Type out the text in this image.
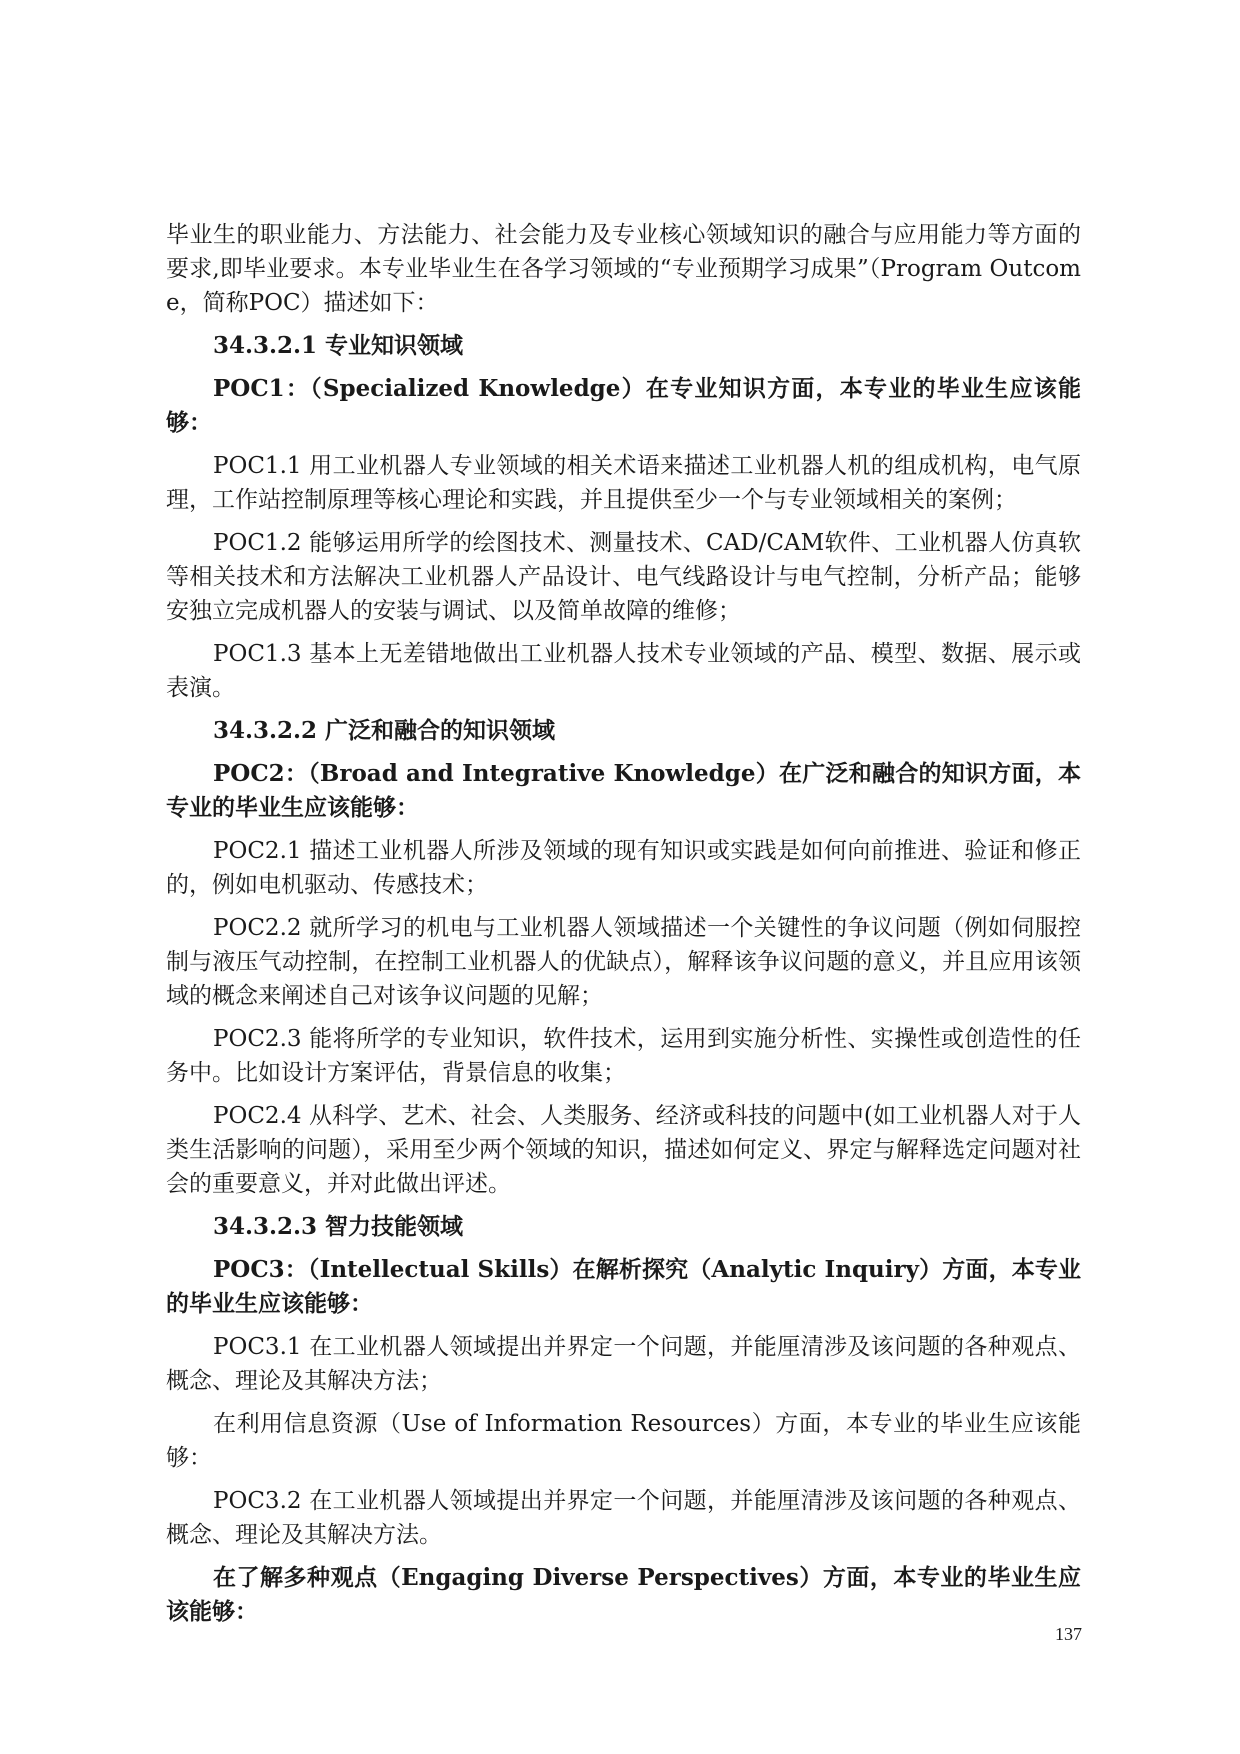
毕业生的职业能力、方法能力、社会能力及专业核心领域知识的融合与应用能力等方面的要求,即毕业要求。本专业毕业生在各学习领域的“专业预期学习成果”（Program Outcome，简称POC）描述如下：

34.3.2.1 专业知识领域

POC1：（Specialized Knowledge）在专业知识方面，本专业的毕业生应该能够：

POC1.1 用工业机器人专业领域的相关术语来描述工业机器人机的组成机构，电气原理，工作站控制原理等核心理论和实践，并且提供至少一个与专业领域相关的案例；

POC1.2 能够运用所学的绘图技术、测量技术、CAD/CAM软件、工业机器人仿真软等相关技术和方法解决工业机器人产品设计、电气线路设计与电气控制，分析产品；能够安独立完成机器人的安装与调试、以及简单故障的维修；

POC1.3 基本上无差错地做出工业机器人技术专业领域的产品、模型、数据、展示或表演。

34.3.2.2 广泛和融合的知识领域

POC2：（Broad and Integrative Knowledge）在广泛和融合的知识方面，本专业的毕业生应该能够：

POC2.1 描述工业机器人所涉及领域的现有知识或实践是如何向前推进、验证和修正的，例如电机驱动、传感技术；

POC2.2 就所学习的机电与工业机器人领域描述一个关键性的争议问题（例如伺服控制与液压气动控制，在控制工业机器人的优缺点），解释该争议问题的意义，并且应用该领域的概念来阐述自己对该争议问题的见解；

POC2.3 能将所学的专业知识，软件技术，运用到实施分析性、实操性或创造性的任务中。比如设计方案评估，背景信息的收集；

POC2.4 从科学、艺术、社会、人类服务、经济或科技的问题中(如工业机器人对于人类生活影响的问题），采用至少两个领域的知识，描述如何定义、界定与解释选定问题对社会的重要意义，并对此做出评述。

34.3.2.3 智力技能领域

POC3：（Intellectual Skills）在解析探究（Analytic Inquiry）方面，本专业的毕业生应该能够：

POC3.1 在工业机器人领域提出并界定一个问题，并能厘清涉及该问题的各种观点、概念、理论及其解决方法；

在利用信息资源（Use of Information Resources）方面，本专业的毕业生应该能够：

POC3.2 在工业机器人领域提出并界定一个问题，并能厘清涉及该问题的各种观点、概念、理论及其解决方法。

在了解多种观点（Engaging Diverse Perspectives）方面，本专业的毕业生应该能够：

137
